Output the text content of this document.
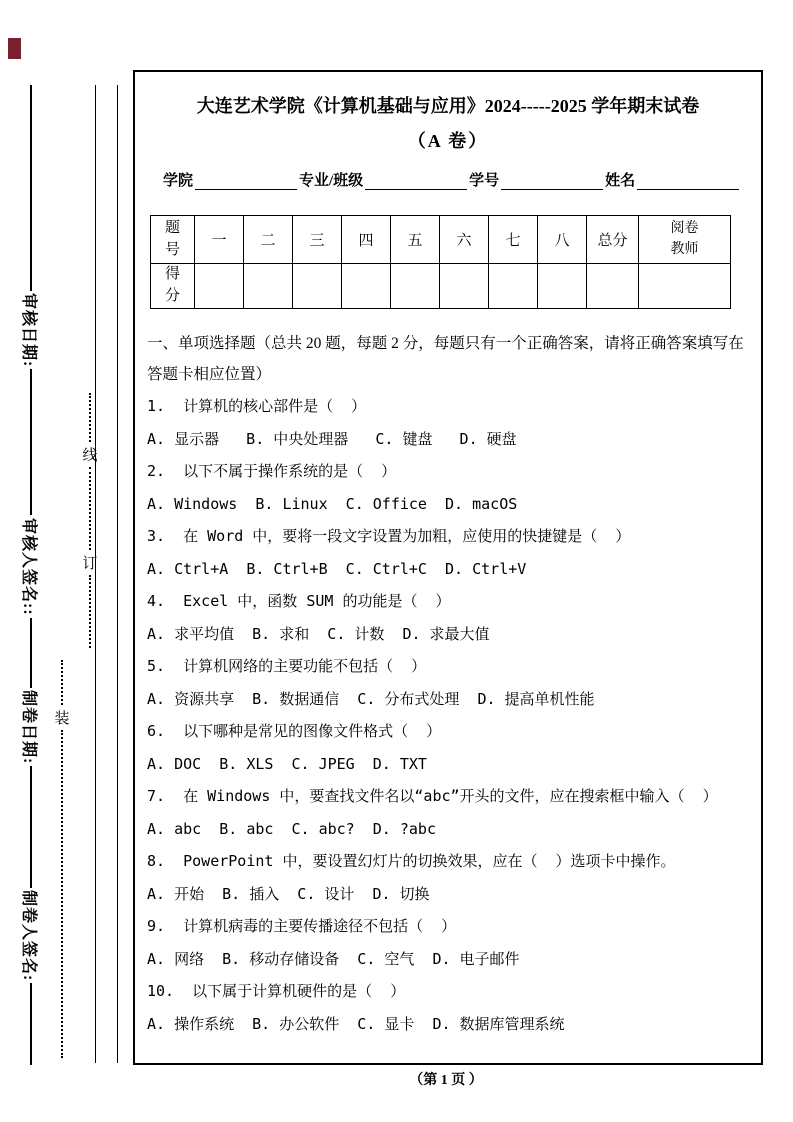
审核日期:
审核人签名::
制卷日期:
制卷人签名:
线
订
装
大连艺术学院《计算机基础与应用》2024-----2025 学年期末试卷
（A 卷）
学院	专业/班级	学号	姓名
题号	一	二	三	四	五	六	七	八	总分	阅卷教师
得分										
一、单项选择题（总共 20 题，每题 2 分，每题只有一个正确答案，请将正确答案填写在答题卡相应位置）
1.  计算机的核心部件是（  ）
A. 显示器   B. 中央处理器   C. 键盘   D. 硬盘
2.  以下不属于操作系统的是（  ）
A. Windows  B. Linux  C. Office  D. macOS
3.  在 Word 中，要将一段文字设置为加粗，应使用的快捷键是（  ）
A. Ctrl+A  B. Ctrl+B  C. Ctrl+C  D. Ctrl+V
4.  Excel 中，函数 SUM 的功能是（  ）
A. 求平均值  B. 求和  C. 计数  D. 求最大值
5.  计算机网络的主要功能不包括（  ）
A. 资源共享  B. 数据通信  C. 分布式处理  D. 提高单机性能
6.  以下哪种是常见的图像文件格式（  ）
A. DOC  B. XLS  C. JPEG  D. TXT
7.  在 Windows 中，要查找文件名以“abc”开头的文件，应在搜索框中输入（  ）
A. abc  B. abc  C. abc?  D. ?abc
8.  PowerPoint 中，要设置幻灯片的切换效果，应在（  ）选项卡中操作。
A. 开始  B. 插入  C. 设计  D. 切换
9.  计算机病毒的主要传播途径不包括（  ）
A. 网络  B. 移动存储设备  C. 空气  D. 电子邮件
10.  以下属于计算机硬件的是（  ）
A. 操作系统  B. 办公软件  C. 显卡  D. 数据库管理系统
（第 1 页 ）
